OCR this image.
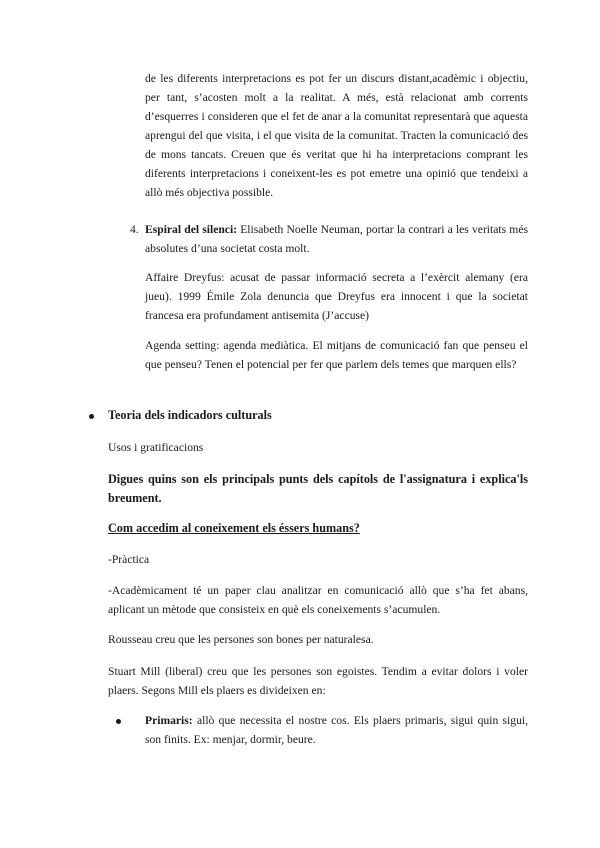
de les diferents interpretacions es pot fer un discurs distant,acadèmic i objectiu, per tant, s’acosten molt a la realitat. A més, està relacionat amb corrents d’esquerres i consideren que el fet de anar a la comunitat representarà que aquesta aprengui del que visita, i el que visita de la comunitat. Tracten la comunicació des de mons tancats. Creuen que és veritat que hi ha interpretacions comprant les diferents interpretacions i coneixent-les es pot emetre una opinió que tendeixi a allò més objectiva possible.

4. Espiral del silenci: Elisabeth Noelle Neuman, portar la contrari a les veritats més absolutes d’una societat costa molt.

Affaire Dreyfus: acusat de passar informació secreta a l’exèrcit alemany (era jueu). 1999 Émile Zola denuncia que Dreyfus era innocent i que la societat francesa era profundament antisemita (J’accuse)

Agenda setting: agenda mediàtica. El mitjans de comunicació fan que penseu el que penseu? Tenen el potencial per fer que parlem dels temes que marquen ells?

Teoria dels indicadors culturals

Usos i gratificacions

Digues quins son els principals punts dels capítols de l'assignatura i explica'ls breument.

Com accedim al coneixement els éssers humans?

-Pràctica

-Acadèmicament té un paper clau analitzar en comunicació allò que s’ha fet abans, aplicant un mètode que consisteix en què els coneixements s’acumulen.

Rousseau creu que les persones son bones per naturalesa.

Stuart Mill (liberal) creu que les persones son egoistes. Tendim a evitar dolors i voler plaers. Segons Mill els plaers es divideixen en:

Primaris: allò que necessita el nostre cos. Els plaers primaris, sigui quin sigui, son finits. Ex: menjar, dormir, beure.
